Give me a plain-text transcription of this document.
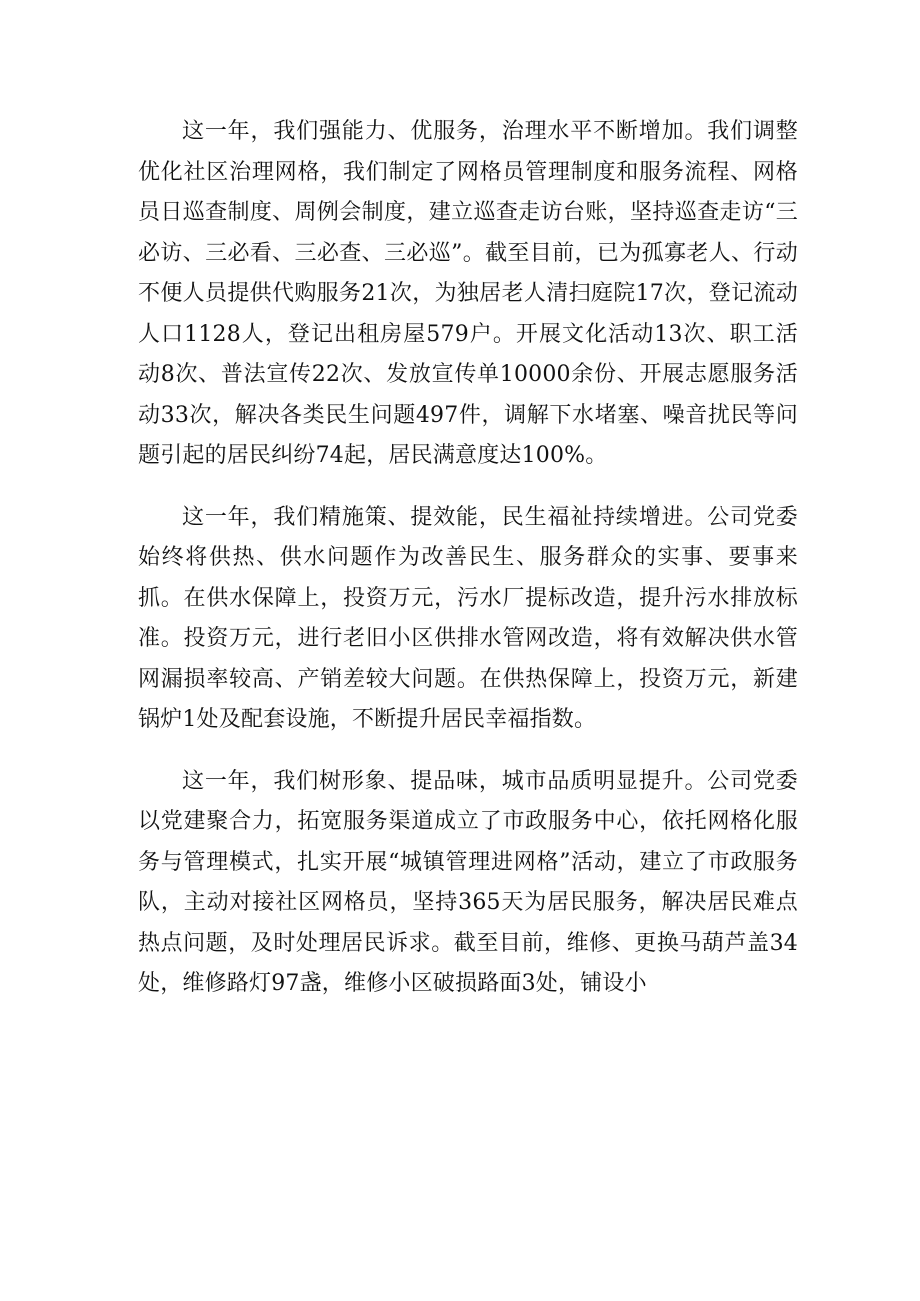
这一年，我们强能力、优服务，治理水平不断增加。我们调整优化社区治理网格，我们制定了网格员管理制度和服务流程、网格员日巡查制度、周例会制度，建立巡查走访台账，坚持巡查走访“三必访、三必看、三必查、三必巡”。截至目前，已为孤寡老人、行动不便人员提供代购服务21次，为独居老人清扫庭院17次，登记流动人口1128人，登记出租房屋579户。开展文化活动13次、职工活动8次、普法宣传22次、发放宣传单10000余份、开展志愿服务活动33次，解决各类民生问题497件，调解下水堵塞、噪音扰民等问题引起的居民纠纷74起，居民满意度达100%。

这一年，我们精施策、提效能，民生福祉持续增进。公司党委始终将供热、供水问题作为改善民生、服务群众的实事、要事来抓。在供水保障上，投资万元，污水厂提标改造，提升污水排放标准。投资万元，进行老旧小区供排水管网改造，将有效解决供水管网漏损率较高、产销差较大问题。在供热保障上，投资万元，新建锅炉1处及配套设施，不断提升居民幸福指数。

这一年，我们树形象、提品味，城市品质明显提升。公司党委以党建聚合力，拓宽服务渠道成立了市政服务中心，依托网格化服务与管理模式，扎实开展“城镇管理进网格”活动，建立了市政服务队，主动对接社区网格员，坚持365天为居民服务，解决居民难点热点问题，及时处理居民诉求。截至目前，维修、更换马葫芦盖34处，维修路灯97盏，维修小区破损路面3处，铺设小
